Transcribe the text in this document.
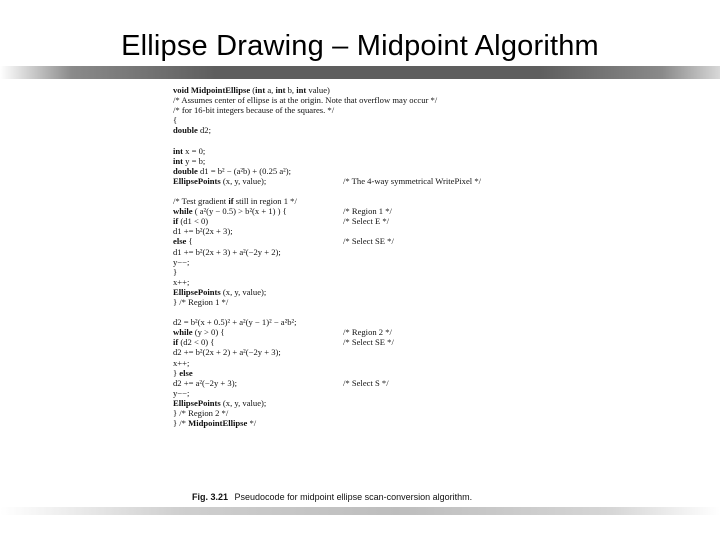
Ellipse Drawing – Midpoint Algorithm
void MidpointEllipse (int a, int b, int value)
/* Assumes center of ellipse is at the origin. Note that overflow may occur */
/* for 16-bit integers because of the squares. */
{
double d2;
int x = 0;
int y = b;
double d1 = b² − (a²b) + (0.25 a²);
EllipsePoints (x, y, value);	/* The 4-way symmetrical WritePixel */
/* Test gradient if still in region 1 */
while ( a²(y − 0.5) > b²(x + 1) ) {	/* Region 1 */
if (d1 < 0)	/* Select E */
d1 += b²(2x + 3);
else {	/* Select SE */
d1 += b²(2x + 3) + a²(−2y + 2);
y−−;
}
x++;
EllipsePoints (x, y, value);
} /* Region 1 */
d2 = b²(x + 0.5)² + a²(y − 1)² − a²b²;
while (y > 0) {	/* Region 2 */
if (d2 < 0) {	/* Select SE */
d2 += b²(2x + 2) + a²(−2y + 3);
x++;
} else
d2 += a²(−2y + 3);	/* Select S */
y−−;
EllipsePoints (x, y, value);
} /* Region 2 */
} /* MidpointEllipse */
Fig. 3.21 Pseudocode for midpoint ellipse scan-conversion algorithm.
